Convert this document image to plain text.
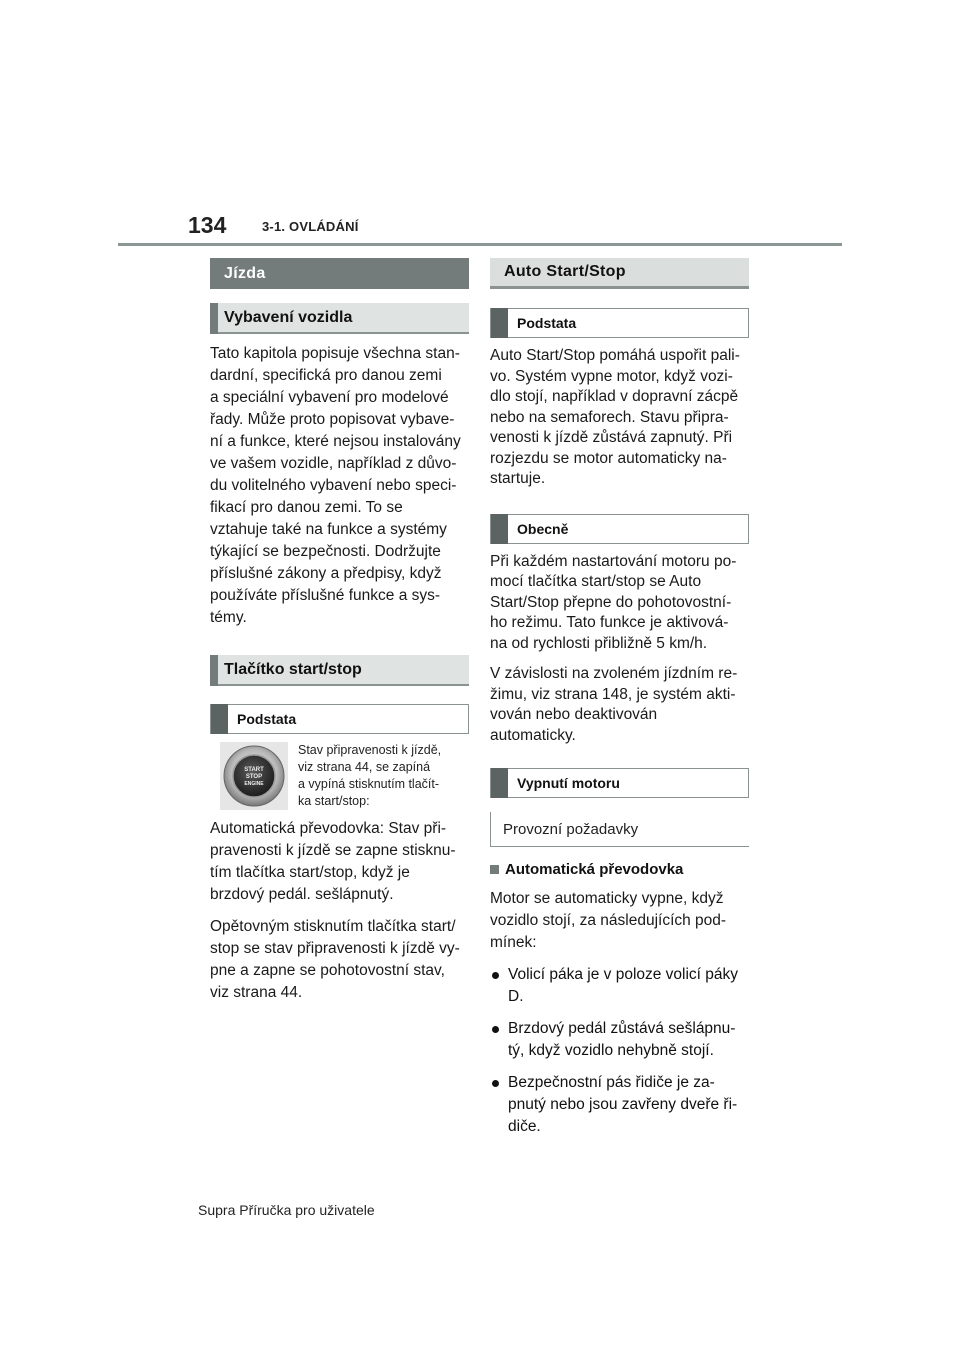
134	3-1. OVLÁDÁNÍ
Jízda
Vybavení vozidla
Tato kapitola popisuje všechna stan-
dardní, specifická pro danou zemi
a speciální vybavení pro modelové
řady. Může proto popisovat vybave-
ní a funkce, které nejsou instalovány
ve vašem vozidle, například z důvo-
du volitelného vybavení nebo speci-
fikací pro danou zemi. To se
vztahuje také na funkce a systémy
týkající se bezpečnosti. Dodržujte
příslušné zákony a předpisy, když
používáte příslušné funkce a sys-
témy.
Tlačítko start/stop
Podstata
START
STOP
ENGINE
Stav připravenosti k jízdě,
viz strana 44, se zapíná
a vypíná stisknutím tlačít-
ka start/stop:
Automatická převodovka: Stav při-
pravenosti k jízdě se zapne stisknu-
tím tlačítka start/stop, když je
brzdový pedál. sešlápnutý.
Opětovným stisknutím tlačítka start/
stop se stav připravenosti k jízdě vy-
pne a zapne se pohotovostní stav,
viz strana 44.
Auto Start/Stop
Podstata
Auto Start/Stop pomáhá uspořit pali-
vo. Systém vypne motor, když vozi-
dlo stojí, například v dopravní zácpě
nebo na semaforech. Stavu připra-
venosti k jízdě zůstává zapnutý. Při
rozjezdu se motor automaticky na-
startuje.
Obecně
Při každém nastartování motoru po-
mocí tlačítka start/stop se Auto
Start/Stop přepne do pohotovostní-
ho režimu. Tato funkce je aktivová-
na od rychlosti přibližně 5 km/h.
V závislosti na zvoleném jízdním re-
žimu, viz strana 148, je systém akti-
vován nebo deaktivován
automaticky.
Vypnutí motoru
Provozní požadavky
Automatická převodovka
Motor se automaticky vypne, když
vozidlo stojí, za následujících pod-
mínek:
Volicí páka je v poloze volicí páky
D.
Brzdový pedál zůstává sešlápnu-
tý, když vozidlo nehybně stojí.
Bezpečnostní pás řidiče je za-
pnutý nebo jsou zavřeny dveře ři-
diče.
Supra Příručka pro uživatele
